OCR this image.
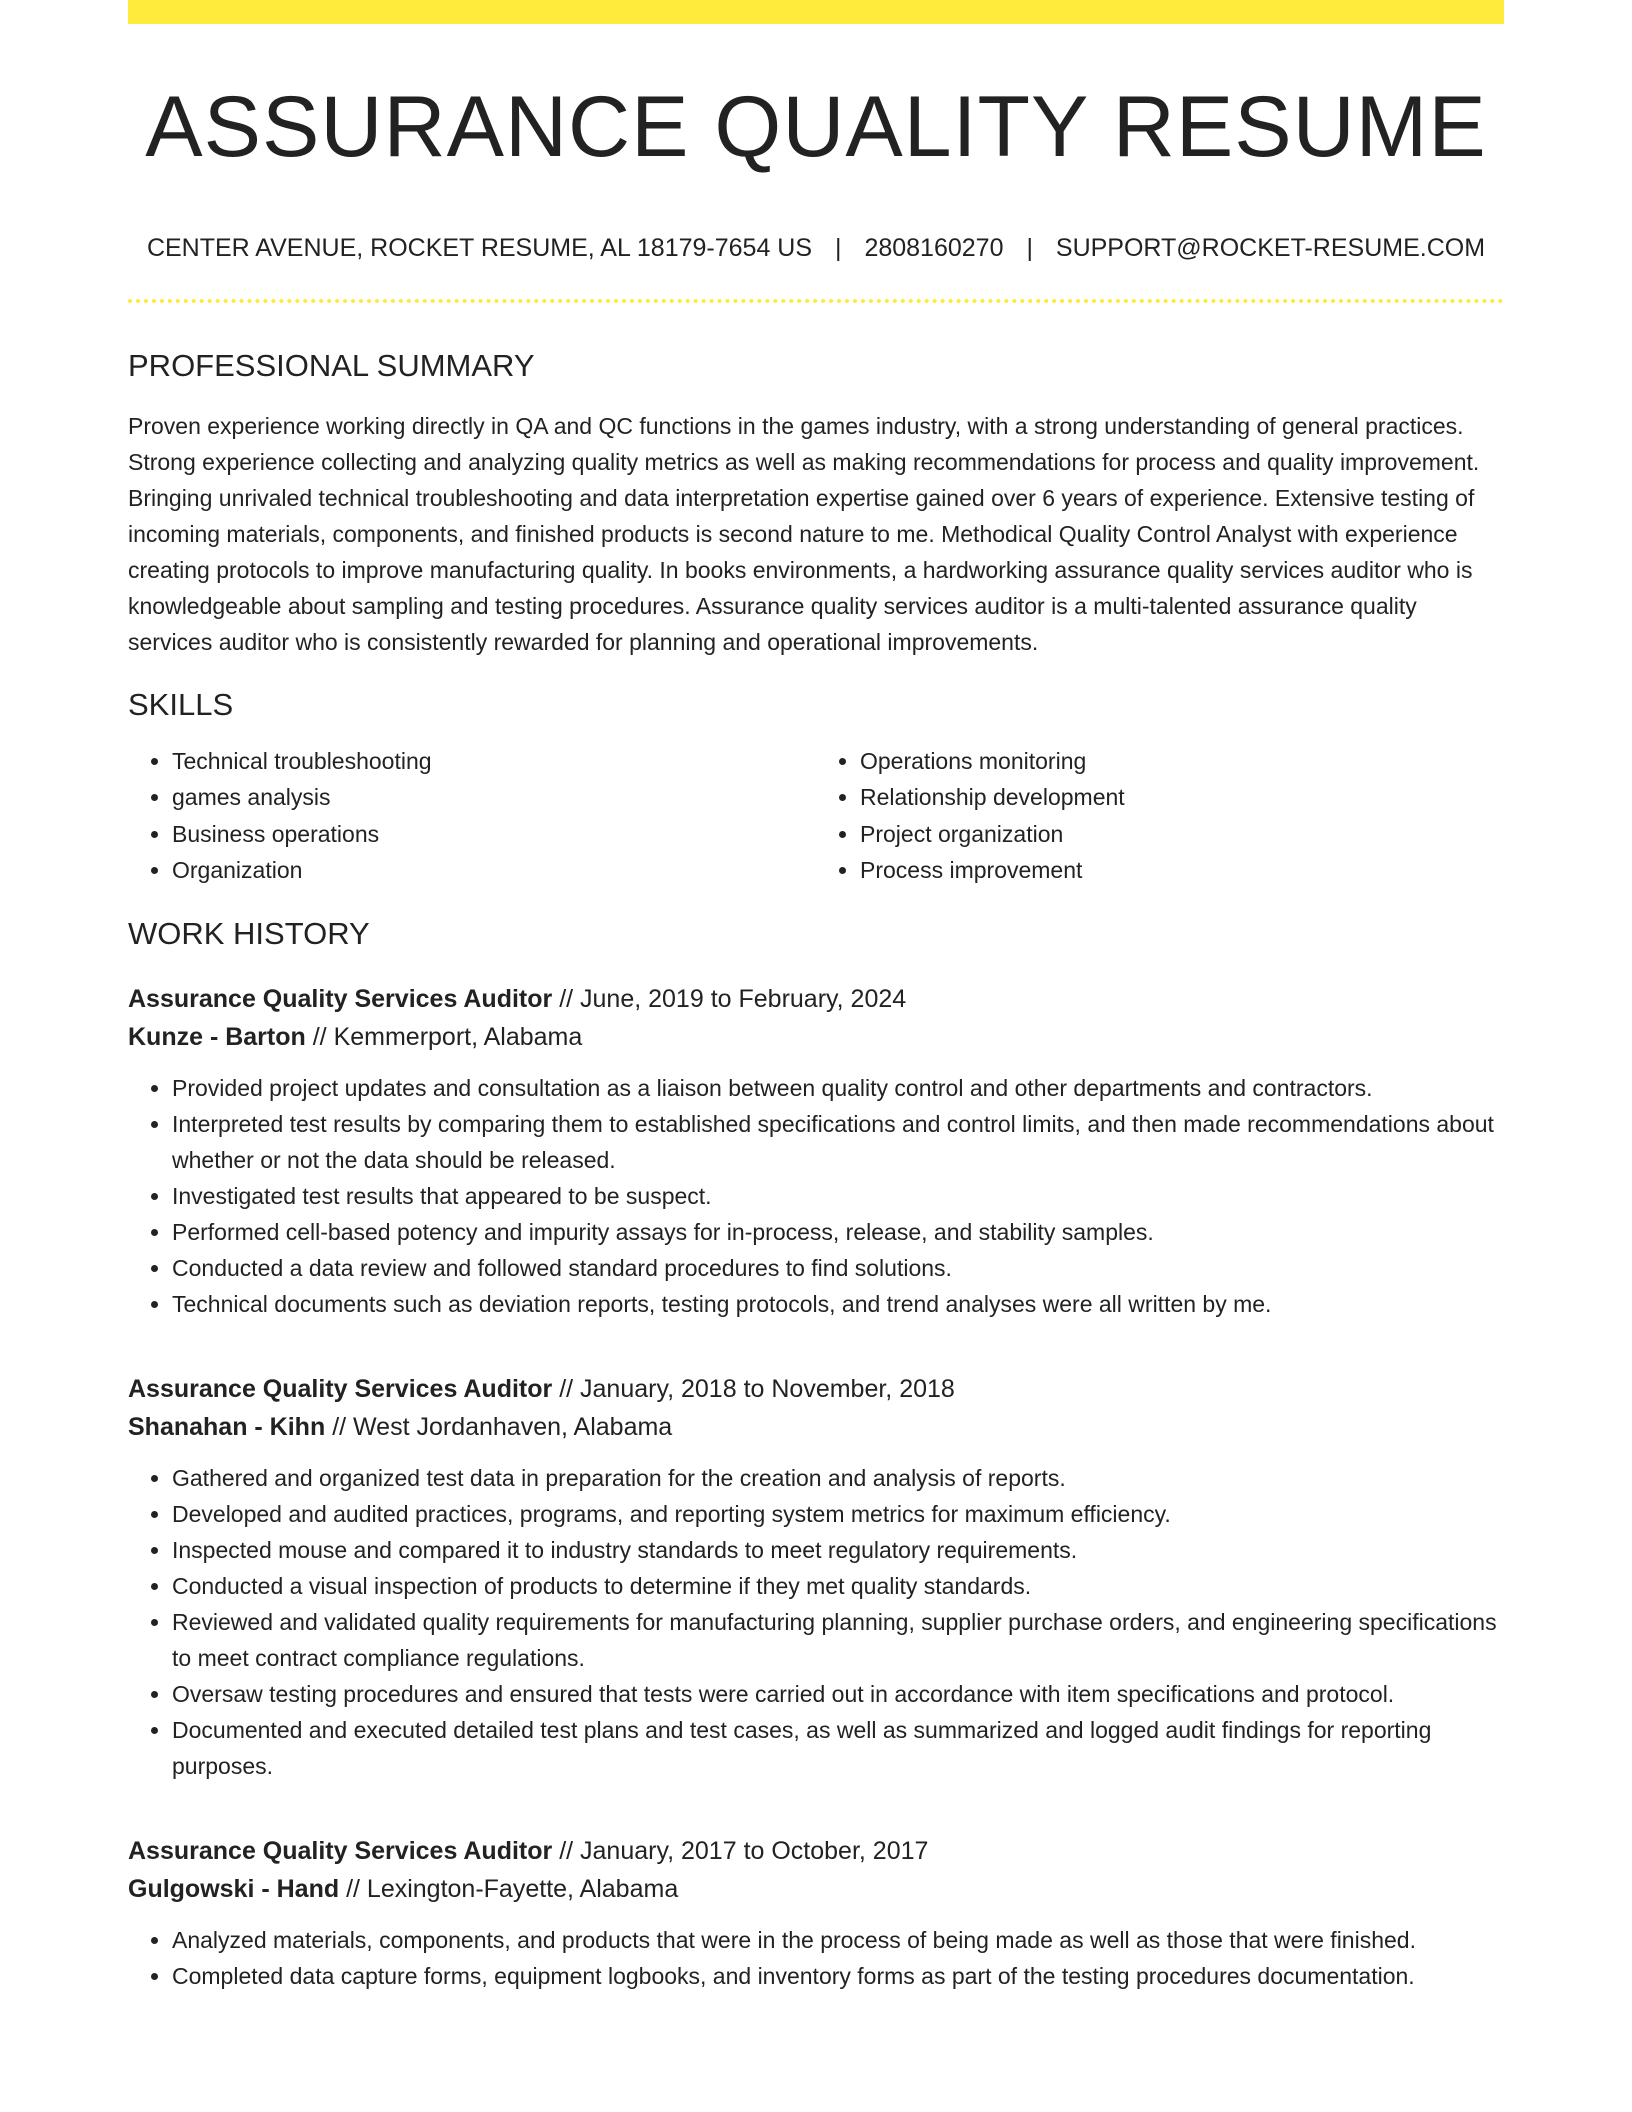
ASSURANCE QUALITY RESUME
CENTER AVENUE, ROCKET RESUME, AL 18179-7654 US | 2808160270 | SUPPORT@ROCKET-RESUME.COM
PROFESSIONAL SUMMARY

Proven experience working directly in QA and QC functions in the games industry, with a strong understanding of general practices. Strong experience collecting and analyzing quality metrics as well as making recommendations for process and quality improvement. Bringing unrivaled technical troubleshooting and data interpretation expertise gained over 6 years of experience. Extensive testing of incoming materials, components, and finished products is second nature to me. Methodical Quality Control Analyst with experience creating protocols to improve manufacturing quality. In books environments, a hardworking assurance quality services auditor who is knowledgeable about sampling and testing procedures. Assurance quality services auditor is a multi-talented assurance quality services auditor who is consistently rewarded for planning and operational improvements.

SKILLS
• Technical troubleshooting
• games analysis
• Business operations
• Organization
• Operations monitoring
• Relationship development
• Project organization
• Process improvement
WORK HISTORY
Assurance Quality Services Auditor // June, 2019 to February, 2024
Kunze - Barton // Kemmerport, Alabama
• Provided project updates and consultation as a liaison between quality control and other departments and contractors.
• Interpreted test results by comparing them to established specifications and control limits, and then made recommendations about whether or not the data should be released.
• Investigated test results that appeared to be suspect.
• Performed cell-based potency and impurity assays for in-process, release, and stability samples.
• Conducted a data review and followed standard procedures to find solutions.
• Technical documents such as deviation reports, testing protocols, and trend analyses were all written by me.
Assurance Quality Services Auditor // January, 2018 to November, 2018
Shanahan - Kihn // West Jordanhaven, Alabama
• Gathered and organized test data in preparation for the creation and analysis of reports.
• Developed and audited practices, programs, and reporting system metrics for maximum efficiency.
• Inspected mouse and compared it to industry standards to meet regulatory requirements.
• Conducted a visual inspection of products to determine if they met quality standards.
• Reviewed and validated quality requirements for manufacturing planning, supplier purchase orders, and engineering specifications to meet contract compliance regulations.
• Oversaw testing procedures and ensured that tests were carried out in accordance with item specifications and protocol.
• Documented and executed detailed test plans and test cases, as well as summarized and logged audit findings for reporting purposes.
Assurance Quality Services Auditor // January, 2017 to October, 2017
Gulgowski - Hand // Lexington-Fayette, Alabama
• Analyzed materials, components, and products that were in the process of being made as well as those that were finished.
• Completed data capture forms, equipment logbooks, and inventory forms as part of the testing procedures documentation.
